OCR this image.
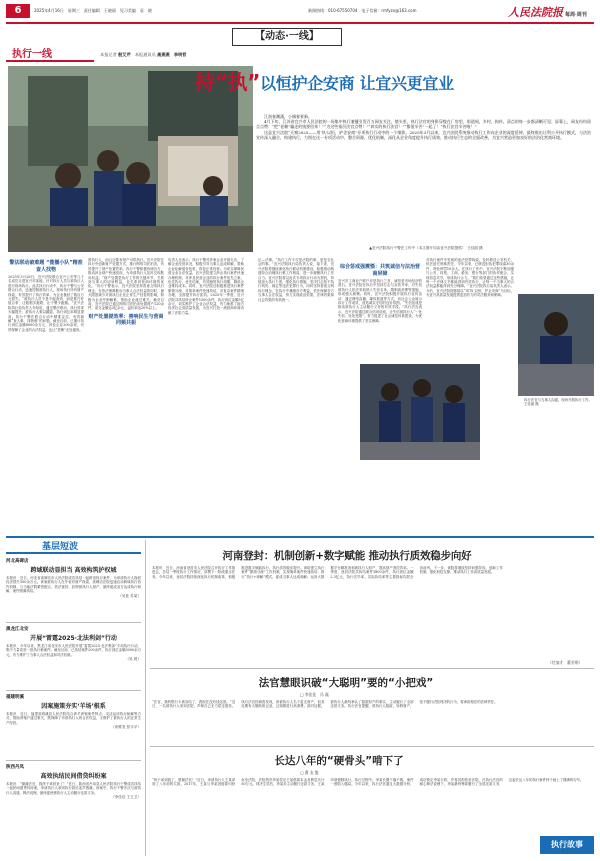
6	2025年4月16日　星期三　责任编辑　王晓丽　见习美编　袁　晓	新闻热线：010-67550704　电子信箱：rmfyzx@163.com	人民法院报 每周·周刊
【动态·一线】
执行一线	本报记者 殷艾芹　本报通讯员 高燕燕　李明哲
持“执”以恒护企安商 让宜兴更宜业

江南春潮涌，小城春景新。

4月下旬，江苏省宜兴市人民法院的一场集中执行兼播引发百万网友关注，镜头里，执行法官的身影穿梭在厂房里，街道间，乡村，拘传、清点的每一步都清晰可见；屏幕上，网友纷纷留言点赞：“把“老赖”骗走的钱要回来！”“为这些基层法官点赞！”“真实的执行法官！”“都很辛苦”一起了！“执行法官辛苦啦！”

这是宜兴法院“天窗2025——用‘执’以恒，护企安商”专项执行行动中的一个缩影。2025年3月以来，宜兴法院系统推动执行工作向企业的深度延伸，最终推出让利公开执行模式，与法治宣传深入融合，构建执行，力图在这一专项活动中，整合资源，优化机制，深化从企业角度提升执行质效，推动执行生态的全面改善，为宜兴营造更加良好的法治化营商环境。

▲宜兴法院执行干警在工作中（本文图片均由宜兴法院提供）　 王佳丽 摄
警法联动破难题 “揽播小队”精准查人找物
2025年3月28日，宜兴法院联合宜兴公安等几十名成员走进宜兴市某地，针对执行人员与被执行人进行现场执行。此次执行行动中，执行干警与公安联合行动，迅速控制被执行人，现场执行所有财产线索，有效提升了执行效率，为企业挽回了数百万元损失。“被执行人员不是不能查到，而是要打好组合拳，让数据多跑路，让干警少跑腿。”宜兴法院执行局负责人介绍说，通过警法联动，执行效率大幅提升，被执行人难以藏匿，执行到位率明显提高。执行干警在联合行动中精准定位，有效破解“查人难、找物难”的问题。截至目前，已累计执行到位金额8000余万元，涉及企业200余家，有效保障了企业的合法权益，也让“老赖”无处遁形。
被执行人，而且还要有财产可供执行。宜兴法院在执行中创新财产处置方式，推行网络司法拍卖，有效提升了财产处置效率。执行干警积极协调各方，推动涉企财产快速变现，为申请执行人及时兑现胜诉权益。“财产处置是执行工作的关键环节，关系到当事人的切身利益，也关系到营商环境的优化。”执行干警表示，宜兴法院坚持善意文明执行理念，在依法保障胜诉当事人合法权益的同时，最大限度减少对被执行企业正常生产经营的影响，积极为企业纾困解难，帮助企业渡过难关。截至目前，宜兴法院已通过网络司法拍卖处置财产120余件，成交金额达3亿余元，溢价率达20%以上。
财产处置提效率：善响民生与营商同频共振
负责人还表示，执行干警对涉案企业开展走访，了解企业经营状况，积极引导当事人达成和解，帮助企业化解债务危机，恢复正常经营。为切实保障民营企业合法权益，宜兴法院建立涉企执行案件快速办理机制，对涉及民营企业的执行案件优先立案、优先执行、优先结案，有效缩短执行周期，降低企业维权成本。同时，宜兴法院还积极推进执行案件繁简分流，对简单案件快速执结，对复杂案件精细办理，全面提升执行质效。2025年一季度，宜兴法院共执结涉企案件1500余件，执行到位金额5亿余元，切实维护了企业合法权益，有力助推了地方经济社会高质量发展，为宜兴打造一流营商环境贡献了法院力量。
记—法律。“执行工作不仅是法院的事，更是全社会的事。”宜兴法院执行局负责人说，接下来，宜兴法院将继续深化执行联动机制建设，积极推动构建综合治理执行难工作格局，进一步凝聚执行工作合力。宜兴法院将以此次专项执行行动为契机，持续加大执行力度，强化执行措施，坚决打击拒不执行判决、裁定等违法犯罪行为，同时坚持善意文明执行理念，在执行中兼顾各方利益，依法保障各方当事人合法权益，努力实现政治效果、法律效果和社会效果的有机统一。
综合惩戒强震慑：共筑诚信与法治营商屏障
宜兴市工商业户联户应是执行之首，诚信是市场经济的基石。宜兴法院在执行中坚持打击与宣传并举，对失信被执行人依法采取纳入失信名单、限制高消费等措施，形成强大威慑。同时，宜兴法院积极开展执行宣传活动，通过网络直播、媒体报道等方式，向社会公众展示执行工作成效，营造诚实守信的良好氛围。“失信惩戒是推动被执行人主动履行义务的有效手段。”执行法官表示，宜兴法院通过联合信用惩戒，让失信被执行人“一处失信、处处受限”，有力促进了社会诚信体系建设，为优化营商环境提供了坚实保障。
对执行案件中发现的违法犯罪线索，及时移送公安机关，依法追究刑事责任，今年以来，已移送拒执犯罪线索30余件，判处刑罚10余人。在执行工作中，宜兴法院不断加强与公安、检察、工商、税务、银行等部门的协作配合，实现信息共享，形成执行合力。“我们希望通过这些措施，让每一个法律文书都能得到有效执行，让每一个当事人的合法权益都能得到充分保障。”宜兴法院执行局负责人表示。今后，宜兴法院将继续以“用‘执’以恒，护企安商”为目标，为宜兴高质量发展提供更加有力的司法服务和保障。
执行法官与当事人沟通，现场开展执行工作。
王佳丽 摄
基层短波
河北高碑店
跨域联动显担当 高效构筑护权城
本报讯　近日，河北省高碑店市人民法院成功执结一起跨省执行案件，为申请执行人挽回经济损失300余万元。该案被执行人在外省有财产线索，高碑店法院迅速启动跨域执行协作机制，与当地法院紧密配合，依法查封、扣押被执行人财产，最终促成双方达成执行和解，案件圆满执结。
（吴桂 苏某）
黑龙江北安
开展“雷霆2025·北法利剑”行动
本报讯　今年以来，黑龙江省北安市人民法院开展“雷霆2025·北法利剑”专项执行行动，集中力量攻坚一批执行难案件。截至目前，已执结案件200余件，执行到位金额3000余万元，有力维护了当事人合法权益和司法权威。
（吴 晨）
福建明溪
因案施策夯实‘羊场’根系
本报讯　近日，福建省明溪县人民法院结合涉羊养殖案件特点，灵活运用执行和解等方式，帮助养殖户渡过难关，既保障了申请执行人的合法权益，又维护了被执行人的正常生产经营。
（邓维发 张丰平）
陕西丹凤
高效执结民间借贷纠纷案
本报讯　“谢谢法官，钱终于拿回来了！”近日，陕西省丹凤县人民法院执行干警成功执结一起民间借贷纠纷案，申请执行人拿到执行款后连声感谢。该案中，执行干警多次与被执行人沟通，释法说理，最终促使被执行人主动履行还款义务。
（李佳佳 王立卫）
河南登封：机制创新+数字赋能 推动执行质效稳步向好
本报讯　近日，河南省登封市人民法院召开执行工作推进会，总结一季度执行工作情况，部署下一阶段重点任务。今年以来，登封法院持续深化执行机制改革，积极推进数字赋能执行，执行质效稳步提升。该院建立执行案件“繁简分流”工作机制，实现简单案件快速执结；推行“执行+调解”模式，促成当事人达成和解；运用大数据平台精准查询被执行人财产，提高财产查控效率。一季度，登封法院共执结案件1800余件，执行到位金额2.3亿元，执行完毕率、实际执结率等主要指标均居全省前列。下一步，该院将继续坚持问题导向，创新工作机制，强化科技支撑，推动执行工作高质量发展。
（付加才　董芳明）
法官慧眼识破“大聪明”要的“小把戏”
□ 李佳佳　冯 磊
“法官，我的银行卡被冻结了，我现在没有钱还款。”近日，一名被执行人来到法院，声称自己无力偿还债务。执行法官经调查发现，该被执行人名下虽无财产，但其近期有大额转账记录，且频繁进行高消费。面对证据，被执行人最终承认了隐匿财产的事实，主动履行了全部还款义务。执行法官提醒，被执行人隐匿、转移财产，拒不履行法院判决的行为，将承担相应的法律责任。
长达八年的“硬骨头”啃下了
□ 曹 友 俊
“终于拿到钱了，感谢法官！”近日，申请执行人王某拿到了八年前的欠款。2017年，王某与李某因借款纠纷诉至法院，法院判决李某偿还王某借款本金及利息共计50万元。判决生效后，李某未主动履行还款义务，王某申请强制执行。执行过程中，李某长期下落不明，案件一度陷入僵局。今年以来，执行法官通过大数据分析，成功锁定李某行踪，并将其拘传至法院。在执行法官的耐心释法说理下，李某最终筹款履行了全部还款义务，这起长达八年的执行案件终于画上了圆满的句号。
执行故事
